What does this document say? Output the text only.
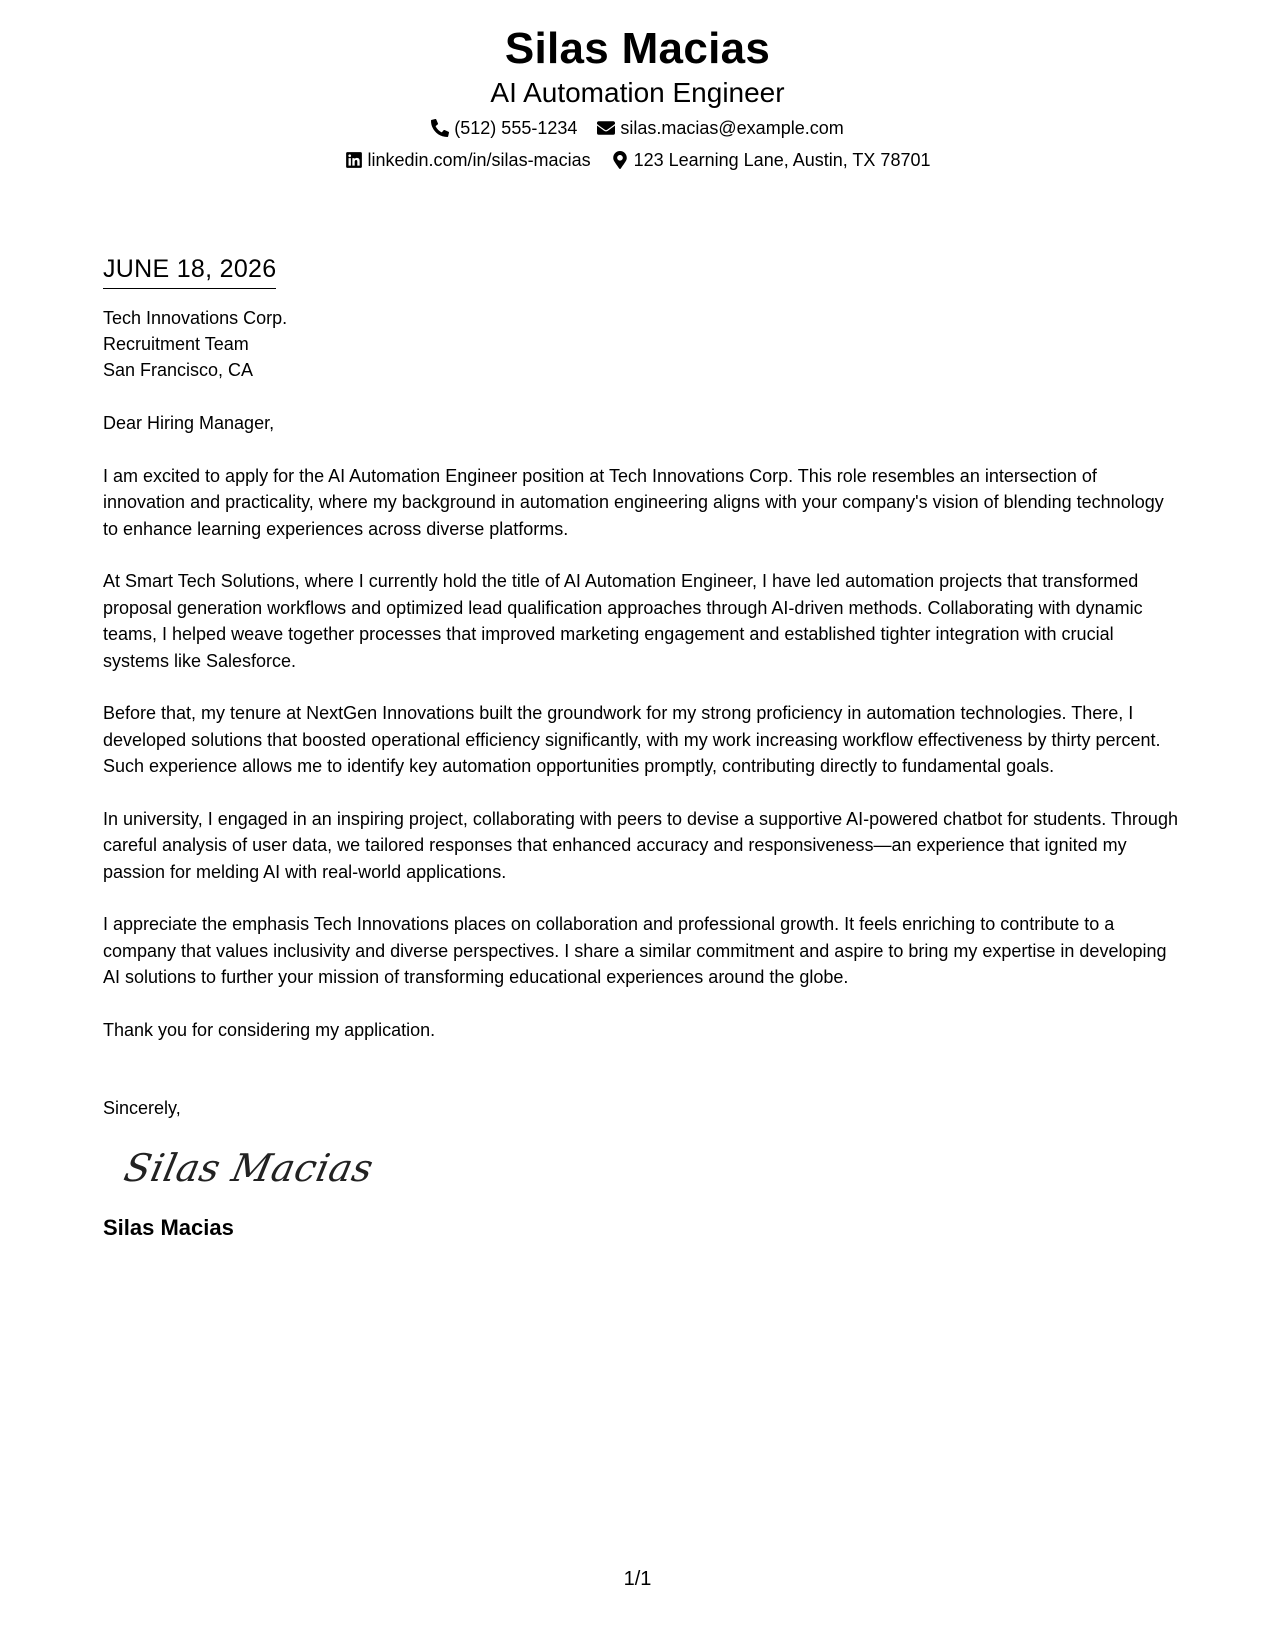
Silas Macias
AI Automation Engineer
(512) 555-1234 silas.macias@example.com
linkedin.com/in/silas-macias 123 Learning Lane, Austin, TX 78701
JUNE 18, 2026
Tech Innovations Corp.
Recruitment Team
San Francisco, CA
Dear Hiring Manager,

I am excited to apply for the AI Automation Engineer position at Tech Innovations Corp. This role resembles an intersection of innovation and practicality, where my background in automation engineering aligns with your company's vision of blending technology to enhance learning experiences across diverse platforms.

At Smart Tech Solutions, where I currently hold the title of AI Automation Engineer, I have led automation projects that transformed proposal generation workflows and optimized lead qualification approaches through AI-driven methods. Collaborating with dynamic teams, I helped weave together processes that improved marketing engagement and established tighter integration with crucial systems like Salesforce.

Before that, my tenure at NextGen Innovations built the groundwork for my strong proficiency in automation technologies. There, I developed solutions that boosted operational efficiency significantly, with my work increasing workflow effectiveness by thirty percent. Such experience allows me to identify key automation opportunities promptly, contributing directly to fundamental goals.

In university, I engaged in an inspiring project, collaborating with peers to devise a supportive AI-powered chatbot for students. Through careful analysis of user data, we tailored responses that enhanced accuracy and responsiveness—an experience that ignited my passion for melding AI with real-world applications.

I appreciate the emphasis Tech Innovations places on collaboration and professional growth. It feels enriching to contribute to a company that values inclusivity and diverse perspectives. I share a similar commitment and aspire to bring my expertise in developing AI solutions to further your mission of transforming educational experiences around the globe.

Thank you for considering my application.
Sincerely,
Silas Macias
Silas Macias
1/1
